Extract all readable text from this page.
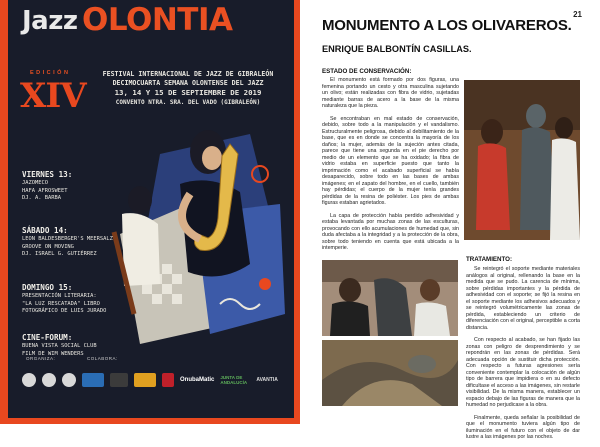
Jazz OLONTIA
EDICIÓN
XIV
FESTIVAL INTERNACIONAL DE JAZZ DE GIBRALEÓN
DECIMOCUARTA SEMANA OLONTENSE DEL JAZZ
13, 14 Y 15 DE SEPTIEMBRE DE 2019
CONVENTO NTRA. SRA. DEL VADO (GIBRALEÓN)
VIERNES 13:
JAZOMECO
HAFA AFROSWEET
DJ. A. BARBA
SÁBADO 14:
LEON BALDESBERGER'S MEERSALZ
GROOVE ON MOVING
DJ. ISRAEL G. GUTIÉRREZ
DOMINGO 15:
PRESENTACIÓN LITERARIA:
"LA LUZ RESCATADA" LIBRO
FOTOGRÁFICO DE LUIS JURADO
CINE-FORUM:
BUENA VISTA SOCIAL CLUB
FILM DE WIM WENDERS
ORGANIZA:	COLABORA:
OnubaMatic JUNTA DE ANDALUCÍA	AVANTIA
21
MONUMENTO A LOS OLIVAREROS.
ENRIQUE BALBONTÍN CASILLAS.
ESTADO DE CONSERVACIÓN:

El monumento está formado por dos figuras, una femenina portando un cesto y otra masculina sujetando un olivo; están realizadas con fibra de vidrio, sujetadas mediante barras de acero a la base de la misma naturaleza que la pieza.

Se encontraban en mal estado de conservación, debido, sobre todo a la manipulación y el vandalismo. Estructuralmente peligrosa, debido al debilitamiento de la base, que es en donde se concentra la mayoría de los daños; la mujer, además de la sujeción antes citada, parece que tiene una segunda en el pie derecho por medio de un elemento que se ha oxidado; la fibra de vidrio estaba en superficie puesto que tanto la imprimación como el acabado superficial se había desaparecido, sobre todo en las bases de ambas imágenes; en el zapato del hombre, en el cuello, también hay pérdidas; el cuerpo de la mujer tenía grandes pérdidas de la resina de poliéster. Los pies de ambas figuras estaban agrietados.

La capa de protección había perdido adhesividad y estaba levantada por muchas zonas de las esculturas, provocando con ello acumulaciones de humedad que, sin duda afectaba a la integridad y a la protección de la obra, sobre todo teniendo en cuenta que está ubicada a la intemperie.

TRATAMIENTO:

Se reintegró el soporte mediante materiales análogos al original, rellenando la base en la medida que se pudo. La carencia de mínima, sobre pérdidas importantes y la pérdida de adhesividad con el soporte; se fijó la resina en el soporte mediante los adhesivos adecuados y se reintegró volumétricamente las zonas de pérdida, estableciendo un criterio de diferenciación con el original, perceptible a corta distancia.

Con respecto al acabado, se han fijado las zonas con peligro de desprendimiento y se repondrán en las zonas de pérdidas. Será adecuada opción de sustituir dicha protección. Con respecto a futuras agresiones sería conveniente contemplar la colocación de algún tipo de barrera que impidiera o en su defecto dificultase el acceso a las imágenes, sin restarle visibilidad. De la misma manera, establecer un espacio debajo de las figuras de manera que la humedad no perjudicase a la obra.

Finalmente, queda señalar la posibilidad de que el monumento tuviera algún tipo de iluminación en el futuro con el objeto de dar lustre a las imágenes por las noches.
